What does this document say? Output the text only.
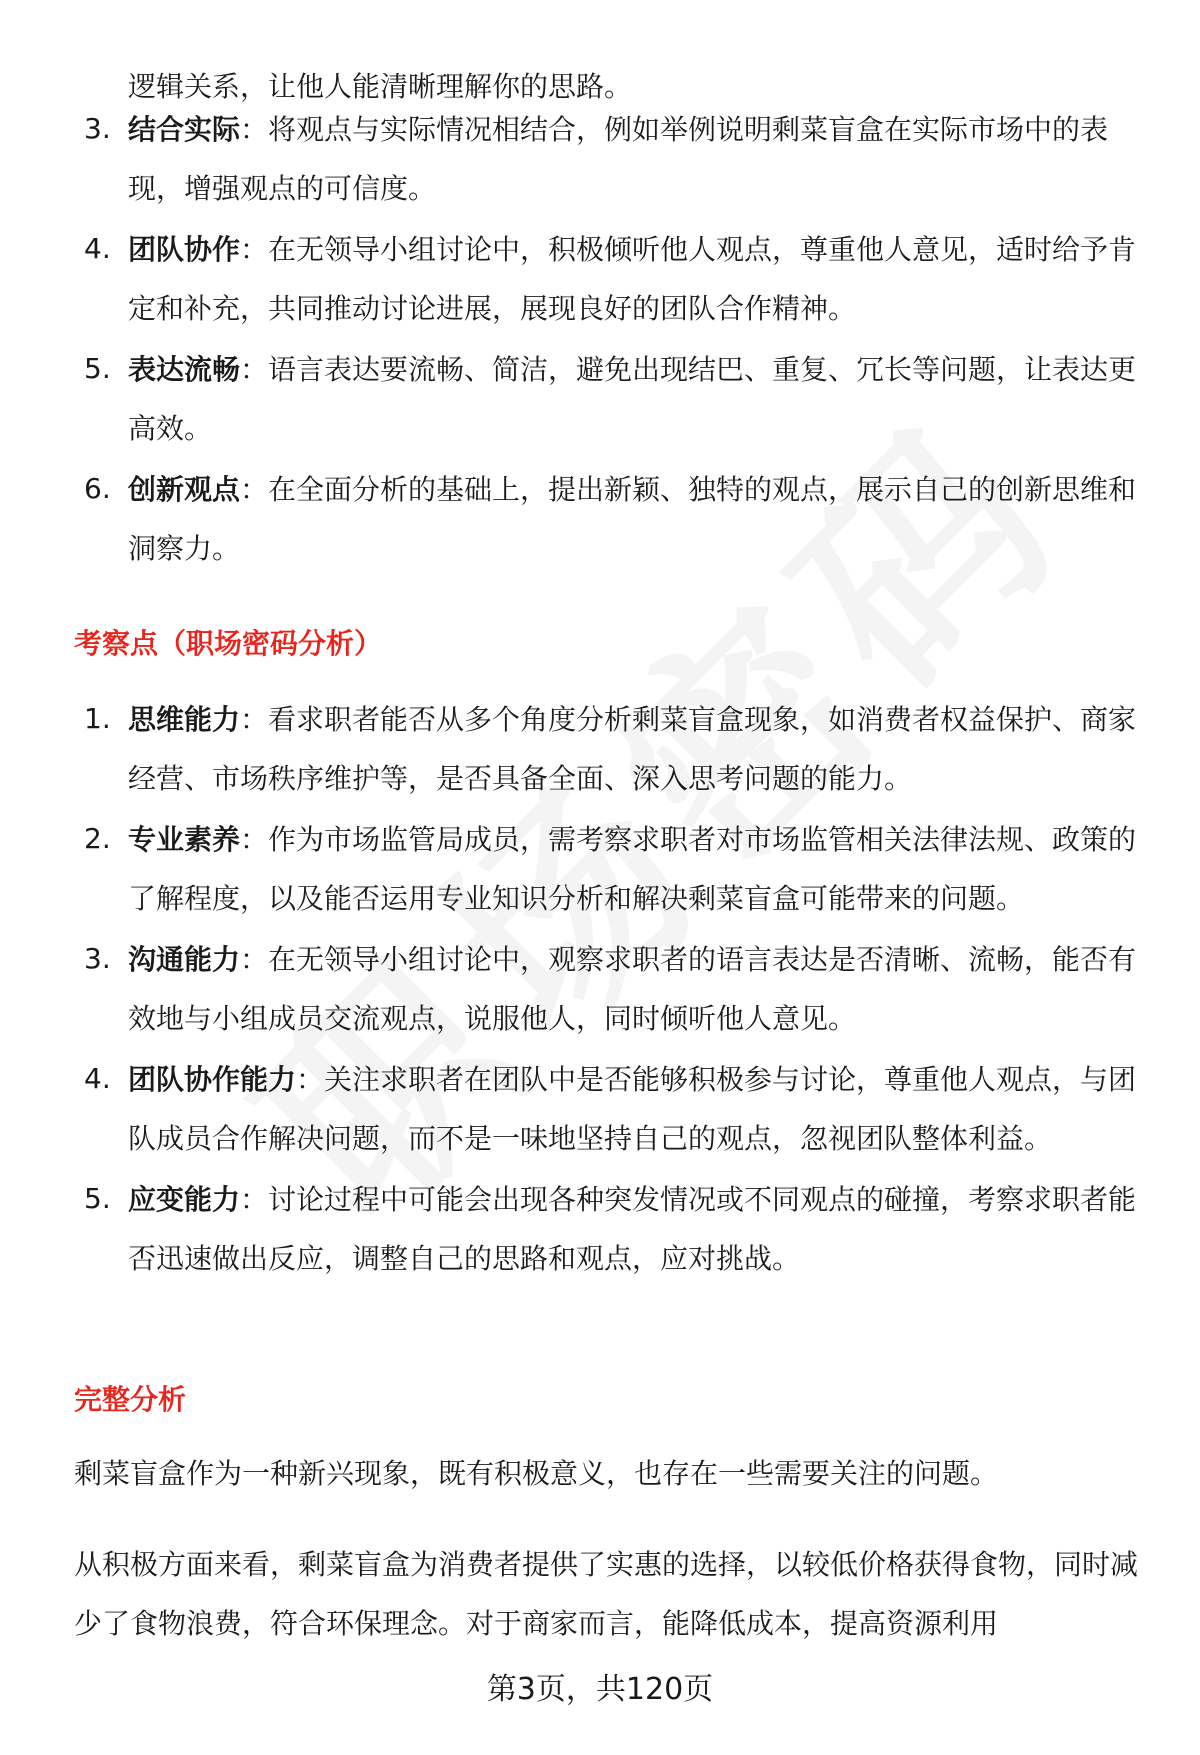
逻辑关系，让他人能清晰理解你的思路。
3. 结合实际：将观点与实际情况相结合，例如举例说明剩菜盲盒在实际市场中的表现，增强观点的可信度。
4. 团队协作：在无领导小组讨论中，积极倾听他人观点，尊重他人意见，适时给予肯定和补充，共同推动讨论进展，展现良好的团队合作精神。
5. 表达流畅：语言表达要流畅、简洁，避免出现结巴、重复、冗长等问题，让表达更高效。
6. 创新观点：在全面分析的基础上，提出新颖、独特的观点，展示自己的创新思维和洞察力。
考察点（职场密码分析）
1. 思维能力：看求职者能否从多个角度分析剩菜盲盒现象，如消费者权益保护、商家经营、市场秩序维护等，是否具备全面、深入思考问题的能力。
2. 专业素养：作为市场监管局成员，需考察求职者对市场监管相关法律法规、政策的了解程度，以及能否运用专业知识分析和解决剩菜盲盒可能带来的问题。
3. 沟通能力：在无领导小组讨论中，观察求职者的语言表达是否清晰、流畅，能否有效地与小组成员交流观点，说服他人，同时倾听他人意见。
4. 团队协作能力：关注求职者在团队中是否能够积极参与讨论，尊重他人观点，与团队成员合作解决问题，而不是一味地坚持自己的观点，忽视团队整体利益。
5. 应变能力：讨论过程中可能会出现各种突发情况或不同观点的碰撞，考察求职者能否迅速做出反应，调整自己的思路和观点，应对挑战。
完整分析

剩菜盲盒作为一种新兴现象，既有积极意义，也存在一些需要关注的问题。

从积极方面来看，剩菜盲盒为消费者提供了实惠的选择，以较低价格获得食物，同时减少了食物浪费，符合环保理念。对于商家而言，能降低成本，提高资源利用

第3页，共120页
